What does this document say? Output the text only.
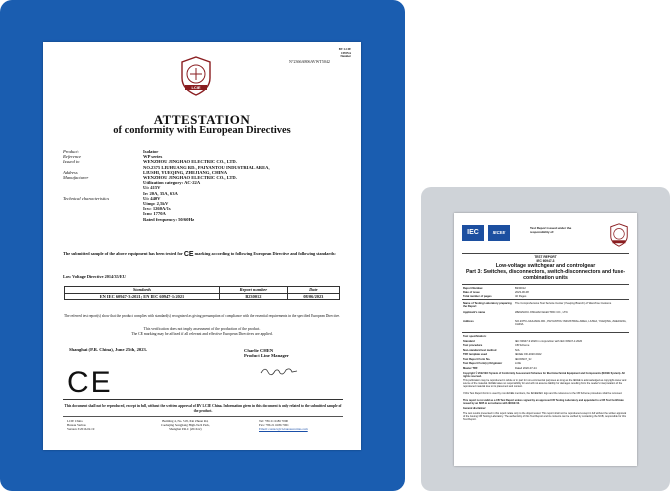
BV LCIE
CHINA
Number
N°2366A806AVWT5042
LCIE
ATTESTATION
of conformity with European Directives
Product:	Isolator
Reference	WP series
Issued to	WENZHOU JINGHAO ELECTRIC CO., LTD.
NO.2375 LIUHUANG RD., PAIYANTOU INDUSTRIAL AREA,
Address	LIUSHI, YUEQING, ZHEJIANG, CHINA
Manufacturer	WENZHOU JINGHAO ELECTRIC CO., LTD.
Utilization category: AC-22A
Ui: 415V
Ie: 20A, 35A, 63A
Technical characteristics	Ui: 440V
Uimp: 2,5kV
Icw: 1260A/1s
Icm: 1770A
Rated frequency: 50/60Hz
The submitted sample of the above equipment has been tested for CE marking according to following European Directive and following standards:
Low Voltage Directive 2014/35/EU
Standards	Report number	Date
EN IEC 60947-3:2021; EN IEC 60947-1:2021	B230012	08/06/2023
The referred test report(s) show that the product complies with standard(s) recognized as giving presumption of compliance with the essential requirements in the specified European Directive.
This verification does not imply assessment of the production of the product.
The CE marking may be affixed if all relevant and effective European Directives are applied.
Shanghai (P.R. China), June 25th, 2023.	Charlie CHEN
Product Line Manager
CE
This document shall not be reproduced, except in full, without the written approval of BV LCIE China. Information given in this document is only related to the submitted sample of the product.
LCIE China
Bureau Veritas
Version 3/2016.02.19
Building 4, No. 518, Xin Zhuan Rd,
Caohejing Songjiang High-Tech Park,
Shanghai P.R.C (201612)
Tel: +86 21 6186 7000
Fax: +86 21 6186 7001
Email: contact@cn.bureauveritas.com
IEC	IECEE
Test Report issued under the responsibility of:
TEST REPORT
IEC 60947-3
Low-voltage switchgear and controlgear
Part 3: Switches, disconnectors, switch-disconnectors and fuse-combination units
Report Number.	B230012
Date of issue	2023-06-08
Total number of pages	40 Pages
Name of Testing Laboratory preparing the Report
The Comprehensive Test Service Center (Yueqing Branch) of Wenzhou Customs
Applicant's name	WENZHOU JINGHAO ELECTRIC CO., LTD.
Address	NO.2375 LIUHUANG RD., PAIYANTOU INDUSTRIAL AREA, LIUSHI, YUEQING, ZHEJIANG, CHINA
Test specification:
Standard	IEC 60947-3:2020 in conjunction with IEC 60947-1:2020
Test procedure	CB Scheme
Non-standard test method	N/A
TRF template used	IECEE OD-2020:2022
Test Report Form No.	IEC60947_3J
Test Report Form(s) Originator	LCIE
Master TRF	Dated 2020-07-24
Copyright © 2022 IEC System of Conformity Assessment Schemes for Electrotechnical Equipment and Components (IECEE System). All rights reserved.
This publication may be reproduced in whole or in part for non-commercial purposes as long as the IECEE is acknowledged as copyright owner and source of the material. IECEE takes no responsibility for and will not assume liability for damages resulting from the reader's interpretation of the reproduced material due to its placement and context.
If this Test Report Form is used by non-IECEE members, the IECEE/IEC logo and the reference to the CB Scheme procedure shall be removed.
This report is not valid as a CB Test Report unless signed by an approved CB Testing Laboratory and appended to a CB Test Certificate issued by an NCB in accordance with IECEE 02.
General disclaimer:
The test results presented in this report relate only to the object tested. This report shall not be reproduced except in full without the written approval of the Issuing CB Testing Laboratory. The authenticity of this Test Report and its contents can be verified by contacting the NCB, responsible for this Test Report.
